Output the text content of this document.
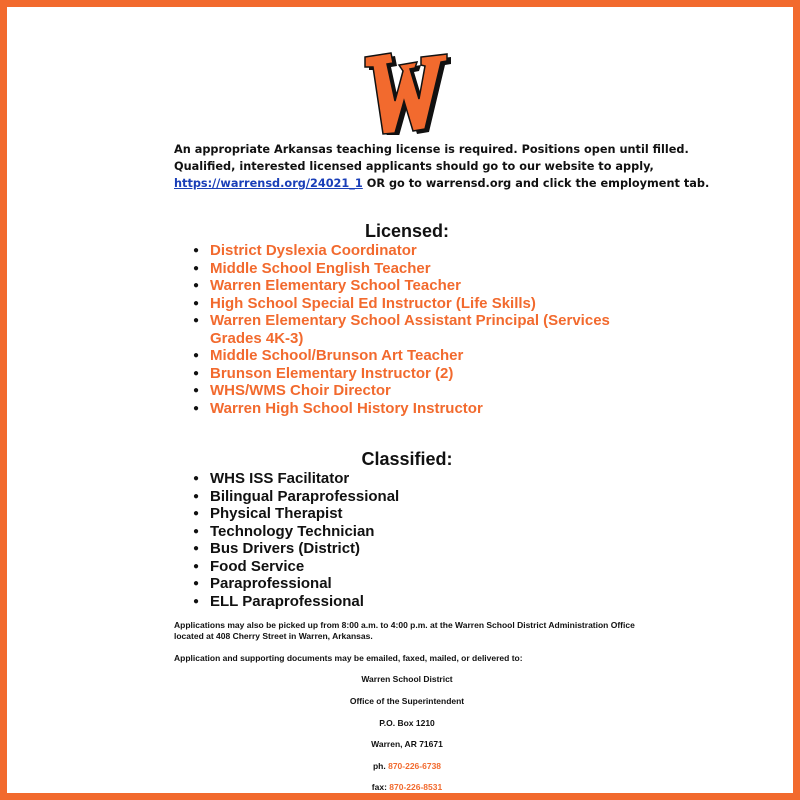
An appropriate Arkansas teaching license is required. Positions open until filled.

Qualified, interested licensed applicants should go to our website to apply,

https://warrensd.org/24021_1 OR go to warrensd.org and click the employment tab.

Licensed:
● District Dyslexia Coordinator
● Middle School English Teacher
● Warren Elementary School Teacher
● High School Special Ed Instructor (Life Skills)
● Warren Elementary School Assistant Principal (Services Grades 4K-3)
● Middle School/Brunson Art Teacher
● Brunson Elementary Instructor (2)
● WHS/WMS Choir Director
● Warren High School History Instructor
Classified:
● WHS ISS Facilitator
● Bilingual Paraprofessional
● Physical Therapist
● Technology Technician
● Bus Drivers (District)
● Food Service
● Paraprofessional
● ELL Paraprofessional
Applications may also be picked up from 8:00 a.m. to 4:00 p.m. at the Warren School District Administration Office located at 408 Cherry Street in Warren, Arkansas.
Application and supporting documents may be emailed, faxed, mailed, or delivered to:
Warren School District
Office of the Superintendent
P.O. Box 1210
Warren, AR 71671
ph. 870-226-6738
fax: 870-226-8531
